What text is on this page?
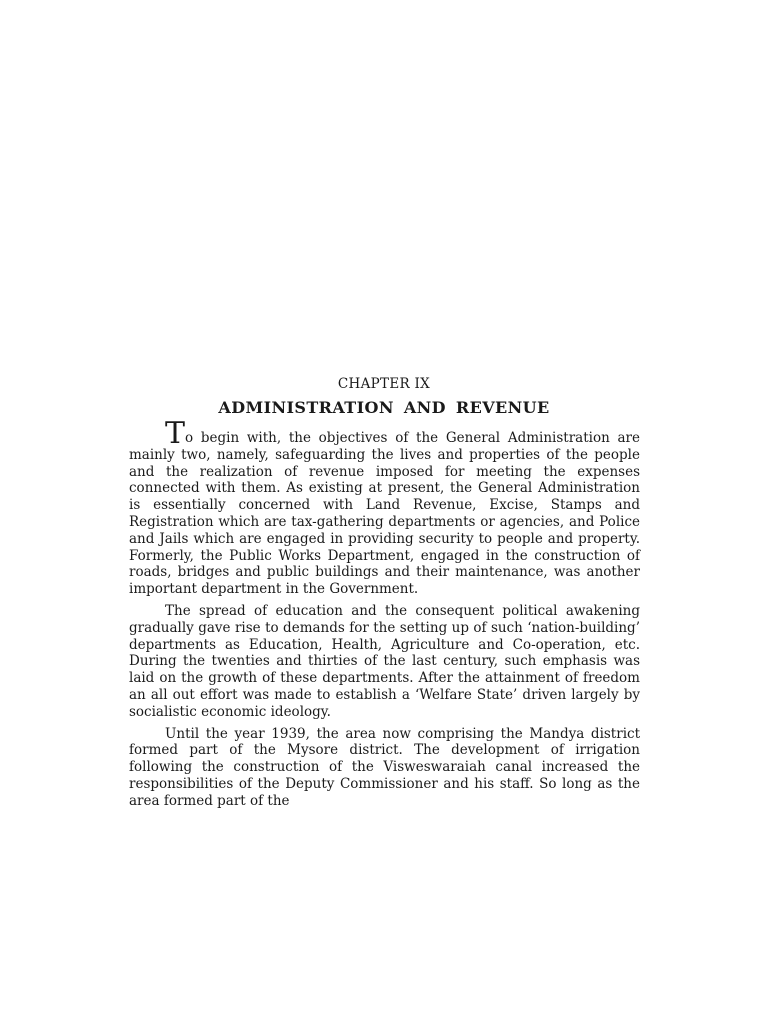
CHAPTER IX
ADMINISTRATION AND REVENUE

To begin with, the objectives of the General Administration are mainly two, namely, safeguarding the lives and properties of the people and the realization of revenue imposed for meeting the expenses connected with them. As existing at present, the General Administration is essentially concerned with Land Revenue, Excise, Stamps and Registration which are tax-gathering departments or agencies, and Police and Jails which are engaged in providing security to people and property. Formerly, the Public Works Department, engaged in the construction of roads, bridges and public buildings and their maintenance, was another important department in the Government.

The spread of education and the consequent political awakening gradually gave rise to demands for the setting up of such ‘nation-building’ departments as Education, Health, Agriculture and Co-operation, etc. During the twenties and thirties of the last century, such emphasis was laid on the growth of these departments. After the attainment of freedom an all out effort was made to establish a ‘Welfare State’ driven largely by socialistic economic ideology.

Until the year 1939, the area now comprising the Mandya district formed part of the Mysore district. The development of irrigation following the construction of the Visweswaraiah canal increased the responsibilities of the Deputy Commissioner and his staff. So long as the area formed part of the
